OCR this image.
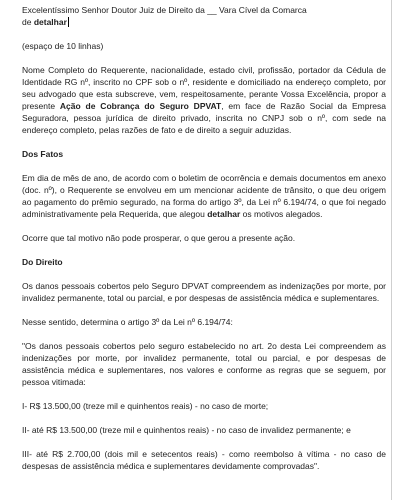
Excelentíssimo Senhor Doutor Juiz de Direito da __ Vara Cível da Comarca
de detalhar

(espaço de 10 linhas)

Nome Completo do Requerente, nacionalidade, estado civil, profissão, portador da Cédula de Identidade RG nº, inscrito no CPF sob o nº, residente e domiciliado na endereço completo, por seu advogado que esta subscreve, vem, respeitosamente, perante Vossa Excelência, propor a presente Ação de Cobrança do Seguro DPVAT, em face de Razão Social da Empresa Seguradora, pessoa jurídica de direito privado, inscrita no CNPJ sob o nº, com sede na endereço completo, pelas razões de fato e de direito a seguir aduzidas.

Dos Fatos

Em dia de mês de ano, de acordo com o boletim de ocorrência e demais documentos em anexo (doc. nº), o Requerente se envolveu em um mencionar acidente de trânsito, o que deu origem ao pagamento do prêmio segurado, na forma do artigo 3º, da Lei nº 6.194/74, o que foi negado administrativamente pela Requerida, que alegou detalhar os motivos alegados.

Ocorre que tal motivo não pode prosperar, o que gerou a presente ação.

Do Direito

Os danos pessoais cobertos pelo Seguro DPVAT compreendem as indenizações por morte, por invalidez permanente, total ou parcial, e por despesas de assistência médica e suplementares.

Nesse sentido, determina o artigo 3º da Lei nº 6.194/74:

"Os danos pessoais cobertos pelo seguro estabelecido no art. 2o desta Lei compreendem as indenizações por morte, por invalidez permanente, total ou parcial, e por despesas de assistência médica e suplementares, nos valores e conforme as regras que se seguem, por pessoa vitimada:

I- R$ 13.500,00 (treze mil e quinhentos reais) - no caso de morte;

II- até R$ 13.500,00 (treze mil e quinhentos reais) - no caso de invalidez permanente; e

III- até R$ 2.700,00 (dois mil e setecentos reais) - como reembolso à vítima - no caso de despesas de assistência médica e suplementares devidamente comprovadas".
